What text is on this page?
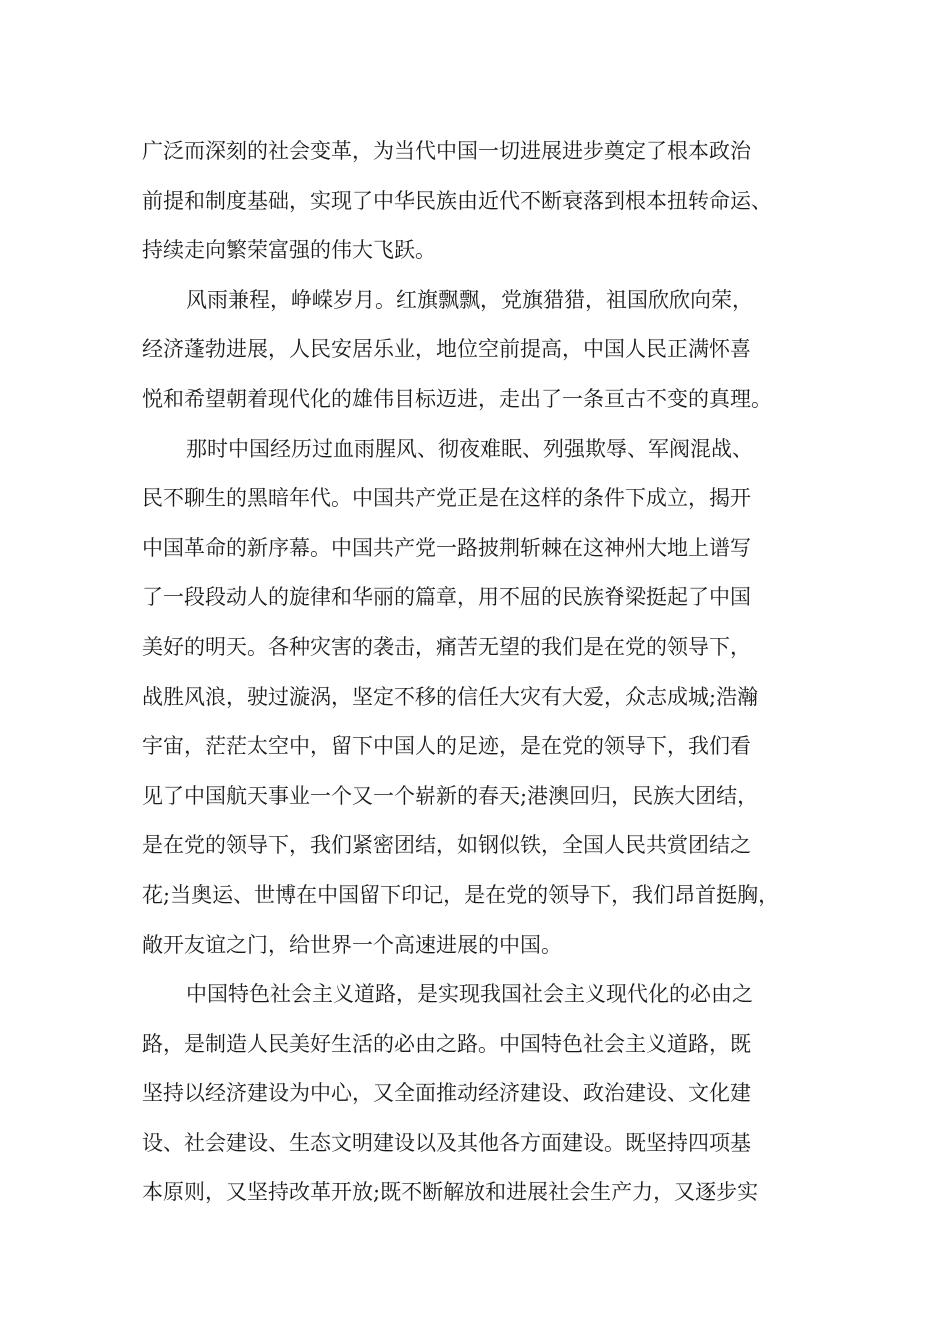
广泛而深刻的社会变革，为当代中国一切进展进步奠定了根本政治
前提和制度基础，实现了中华民族由近代不断衰落到根本扭转命运、
持续走向繁荣富强的伟大飞跃。
风雨兼程，峥嵘岁月。红旗飘飘，党旗猎猎，祖国欣欣向荣，
经济蓬勃进展，人民安居乐业，地位空前提高，中国人民正满怀喜
悦和希望朝着现代化的雄伟目标迈进，走出了一条亘古不变的真理。
那时中国经历过血雨腥风、彻夜难眠、列强欺辱、军阀混战、
民不聊生的黑暗年代。中国共产党正是在这样的条件下成立，揭开
中国革命的新序幕。中国共产党一路披荆斩棘在这神州大地上谱写
了一段段动人的旋律和华丽的篇章，用不屈的民族脊梁挺起了中国
美好的明天。各种灾害的袭击，痛苦无望的我们是在党的领导下，
战胜风浪，驶过漩涡，坚定不移的信任大灾有大爱，众志成城;浩瀚
宇宙，茫茫太空中，留下中国人的足迹，是在党的领导下，我们看
见了中国航天事业一个又一个崭新的春天;港澳回归，民族大团结，
是在党的领导下，我们紧密团结，如钢似铁，全国人民共赏团结之
花;当奥运、世博在中国留下印记，是在党的领导下，我们昂首挺胸，
敞开友谊之门，给世界一个高速进展的中国。
中国特色社会主义道路，是实现我国社会主义现代化的必由之
路，是制造人民美好生活的必由之路。中国特色社会主义道路，既
坚持以经济建设为中心，又全面推动经济建设、政治建设、文化建
设、社会建设、生态文明建设以及其他各方面建设。既坚持四项基
本原则，又坚持改革开放;既不断解放和进展社会生产力，又逐步实
